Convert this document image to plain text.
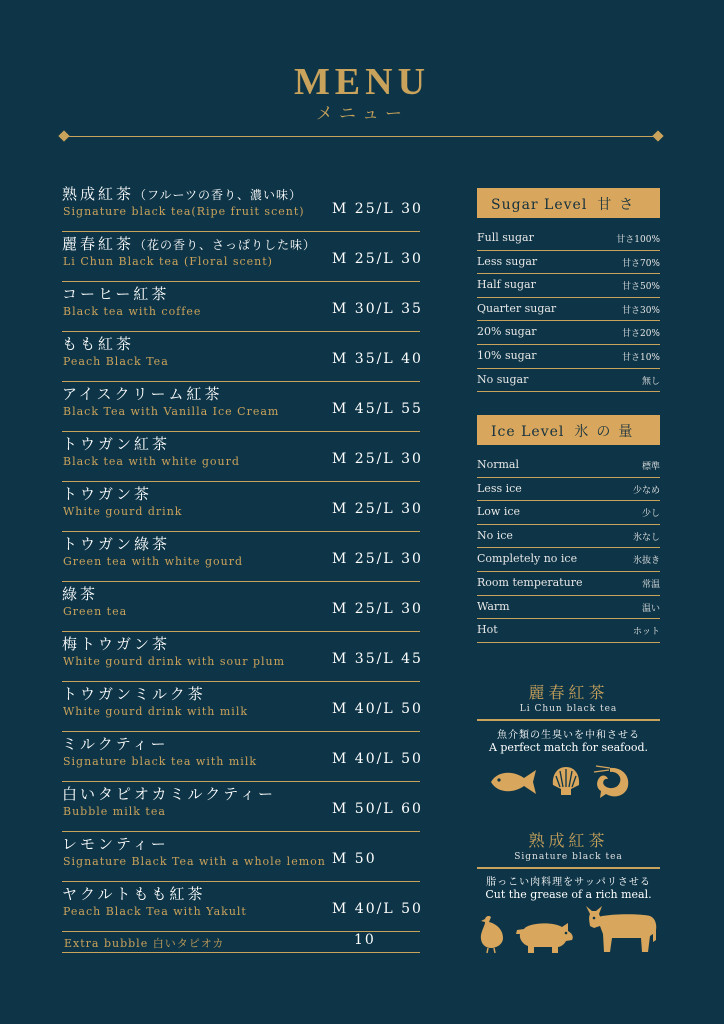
MENU
メニュー
熟成紅茶（フルーツの香り、濃い味）
Signature black tea(Ripe fruit scent) M 25/L 30
麗春紅茶（花の香り、さっぱりした味）
Li Chun Black tea (Floral scent)	M 25/L 30
コーヒー紅茶
Black tea with coffee	M 30/L 35
もも紅茶
Peach Black Tea	M 35/L 40
アイスクリーム紅茶
Black Tea with Vanilla Ice Cream	M 45/L 55
トウガン紅茶
Black tea with white gourd	M 25/L 30
トウガン茶
White gourd drink	M 25/L 30
トウガン綠茶
Green tea with white gourd	M 25/L 30
綠茶
Green tea	M 25/L 30
梅トウガン茶
White gourd drink with sour plum	M 35/L 45
トウガンミルク茶
White gourd drink with milk	M 40/L 50
ミルクティー
Signature black tea with milk	M 40/L 50
白いタピオカミルクティー
Bubble milk tea	M 50/L 60
レモンティー
Signature Black Tea with a whole lemon M 50
ヤクルトもも紅茶
Peach Black Tea with Yakult	M 40/L 50
Extra bubble 白いタピオカ	10
Sugar Level 甘さ
Full sugar	甘さ100%
Less sugar	甘さ70%
Half sugar	甘さ50%
Quarter sugar	甘さ30%
20% sugar	甘さ20%
10% sugar	甘さ10%
No sugar	無し
Ice Level 氷の量
Normal	標準
Less ice	少なめ
Low ice	少し
No ice	氷なし
Completely no ice	氷抜き
Room temperature	常温
Warm	温い
Hot	ホット
麗春紅茶
Li Chun black tea
魚介類の生臭いを中和させる
A perfect match for seafood.
熟成紅茶
Signature black tea
脂っこい肉料理をサッパリさせる
Cut the grease of a rich meal.
